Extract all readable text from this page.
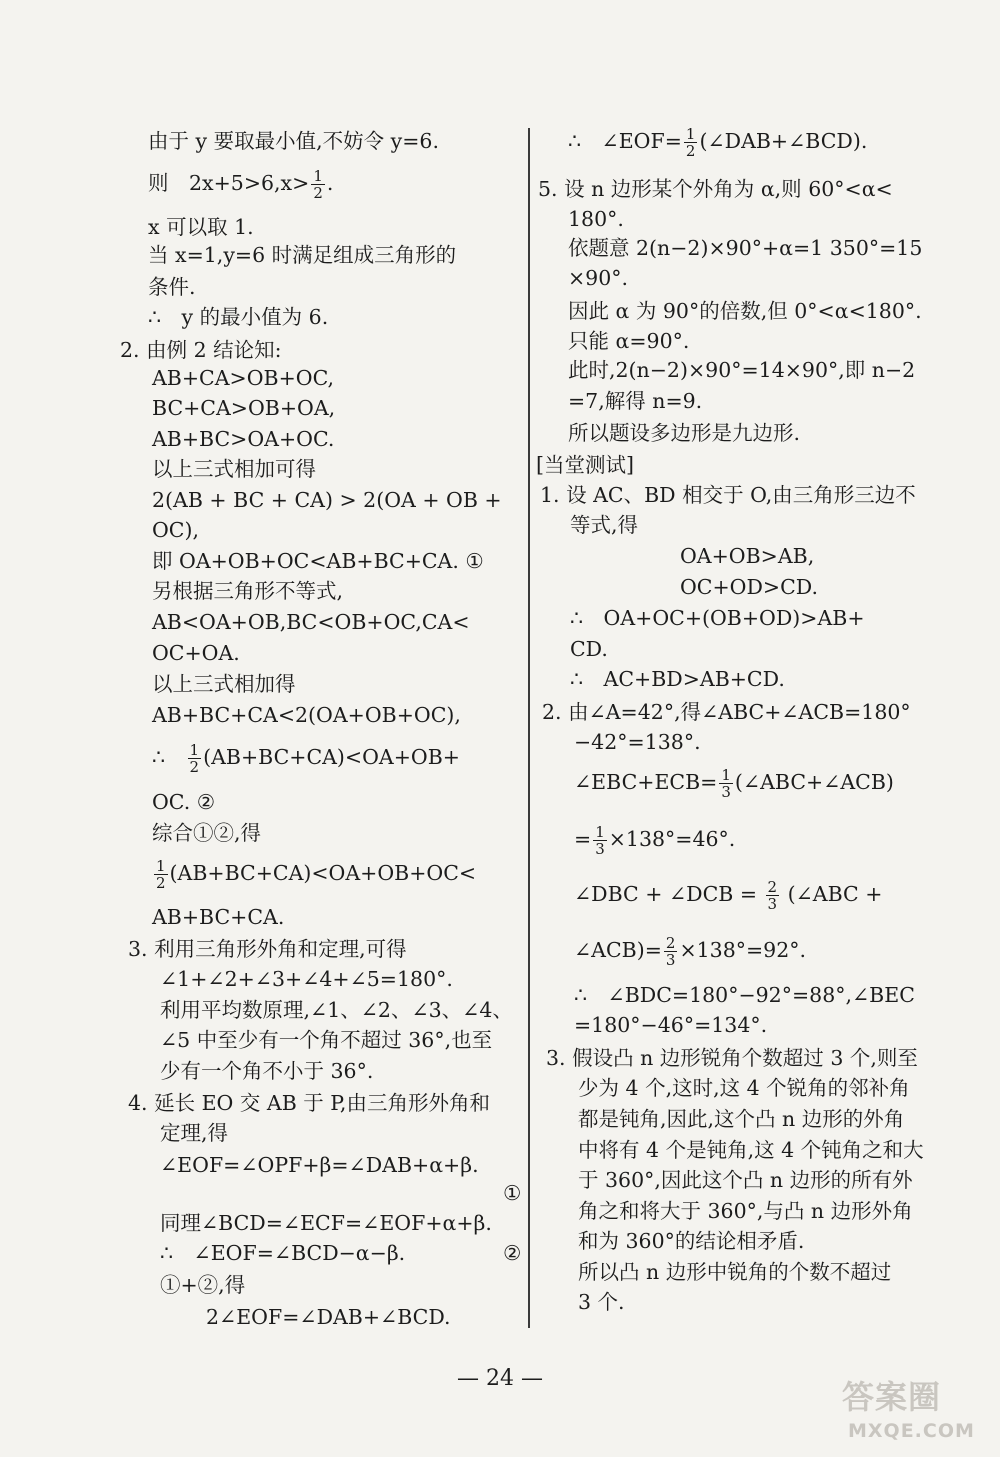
由于 y 要取最小值,不妨令 y=6.
则　$2x+5>6,x> \frac{1}{2}$ .
x 可以取 1.
当 x=1,y=6 时满足组成三角形的
条件.
∴　y 的最小值为 6.
2. 由例 2 结论知:
AB+CA>OB+OC,
BC+CA>OB+OA,
AB+BC>OA+OC.
以上三式相加可得
2(AB + BC + CA) > 2(OA + OB +
OC),
即 OA+OB+OC<AB+BC+CA. ①
另根据三角形不等式,
AB<OA+OB,BC<OB+OC,CA<
OC+OA.
以上三式相加得
AB+BC+CA<2(OA+OB+OC),
∴　 $\frac{1}{2} (AB+BC+CA)<OA+OB+$
OC. ②
综合①②,得
$\frac{1}{2} (AB+BC+CA)<OA+OB+OC<$
AB+BC+CA.
3. 利用三角形外角和定理,可得
∠1+∠2+∠3+∠4+∠5=180°.
利用平均数原理,∠1、∠2、∠3、∠4、
∠5 中至少有一个角不超过 36°,也至
少有一个角不小于 36°.
4. 延长 EO 交 AB 于 P,由三角形外角和
定理,得
∠EOF=∠OPF+β=∠DAB+α+β.
①
同理∠BCD=∠ECF=∠EOF+α+β.
∴　∠EOF=∠BCD−α−β.	②
①+②,得
2∠EOF=∠DAB+∠BCD.
∴　∠EOF= $\frac{1}{2}$ (∠DAB+∠BCD).
5. 设 n 边形某个外角为 α,则 60°<α<
180°.
依题意 2(n−2)×90°+α=1 350°=15
×90°.
因此 α 为 90°的倍数,但 0°<α<180°.
只能 α=90°.
此时,2(n−2)×90°=14×90°,即 n−2
=7,解得 n=9.
所以题设多边形是九边形.
[当堂测试]
1. 设 AC、BD 相交于 O,由三角形三边不
等式,得
OA+OB>AB,
OC+OD>CD.
∴　OA+OC+(OB+OD)>AB+
CD.
∴　AC+BD>AB+CD.
2. 由∠A=42°,得∠ABC+∠ACB=180°
−42°=138°.
∠EBC+ECB= $\frac{1}{3}$ (∠ABC+∠ACB)
= $\frac{1}{3} \times 138^\circ=46^\circ$.
∠DBC + ∠DCB = $\frac{2}{3}$ (∠ABC +
∠ACB)= $\frac{2}{3} \times 138^\circ=92^\circ$.
∴　∠BDC=180°−92°=88°,∠BEC
=180°−46°=134°.
3. 假设凸 n 边形锐角个数超过 3 个,则至
少为 4 个,这时,这 4 个锐角的邻补角
都是钝角,因此,这个凸 n 边形的外角
中将有 4 个是钝角,这 4 个钝角之和大
于 360°,因此这个凸 n 边形的所有外
角之和将大于 360°,与凸 n 边形外角
和为 360°的结论相矛盾.
所以凸 n 边形中锐角的个数不超过
3 个.
— 24 —	答案圈
MXQE.COM
